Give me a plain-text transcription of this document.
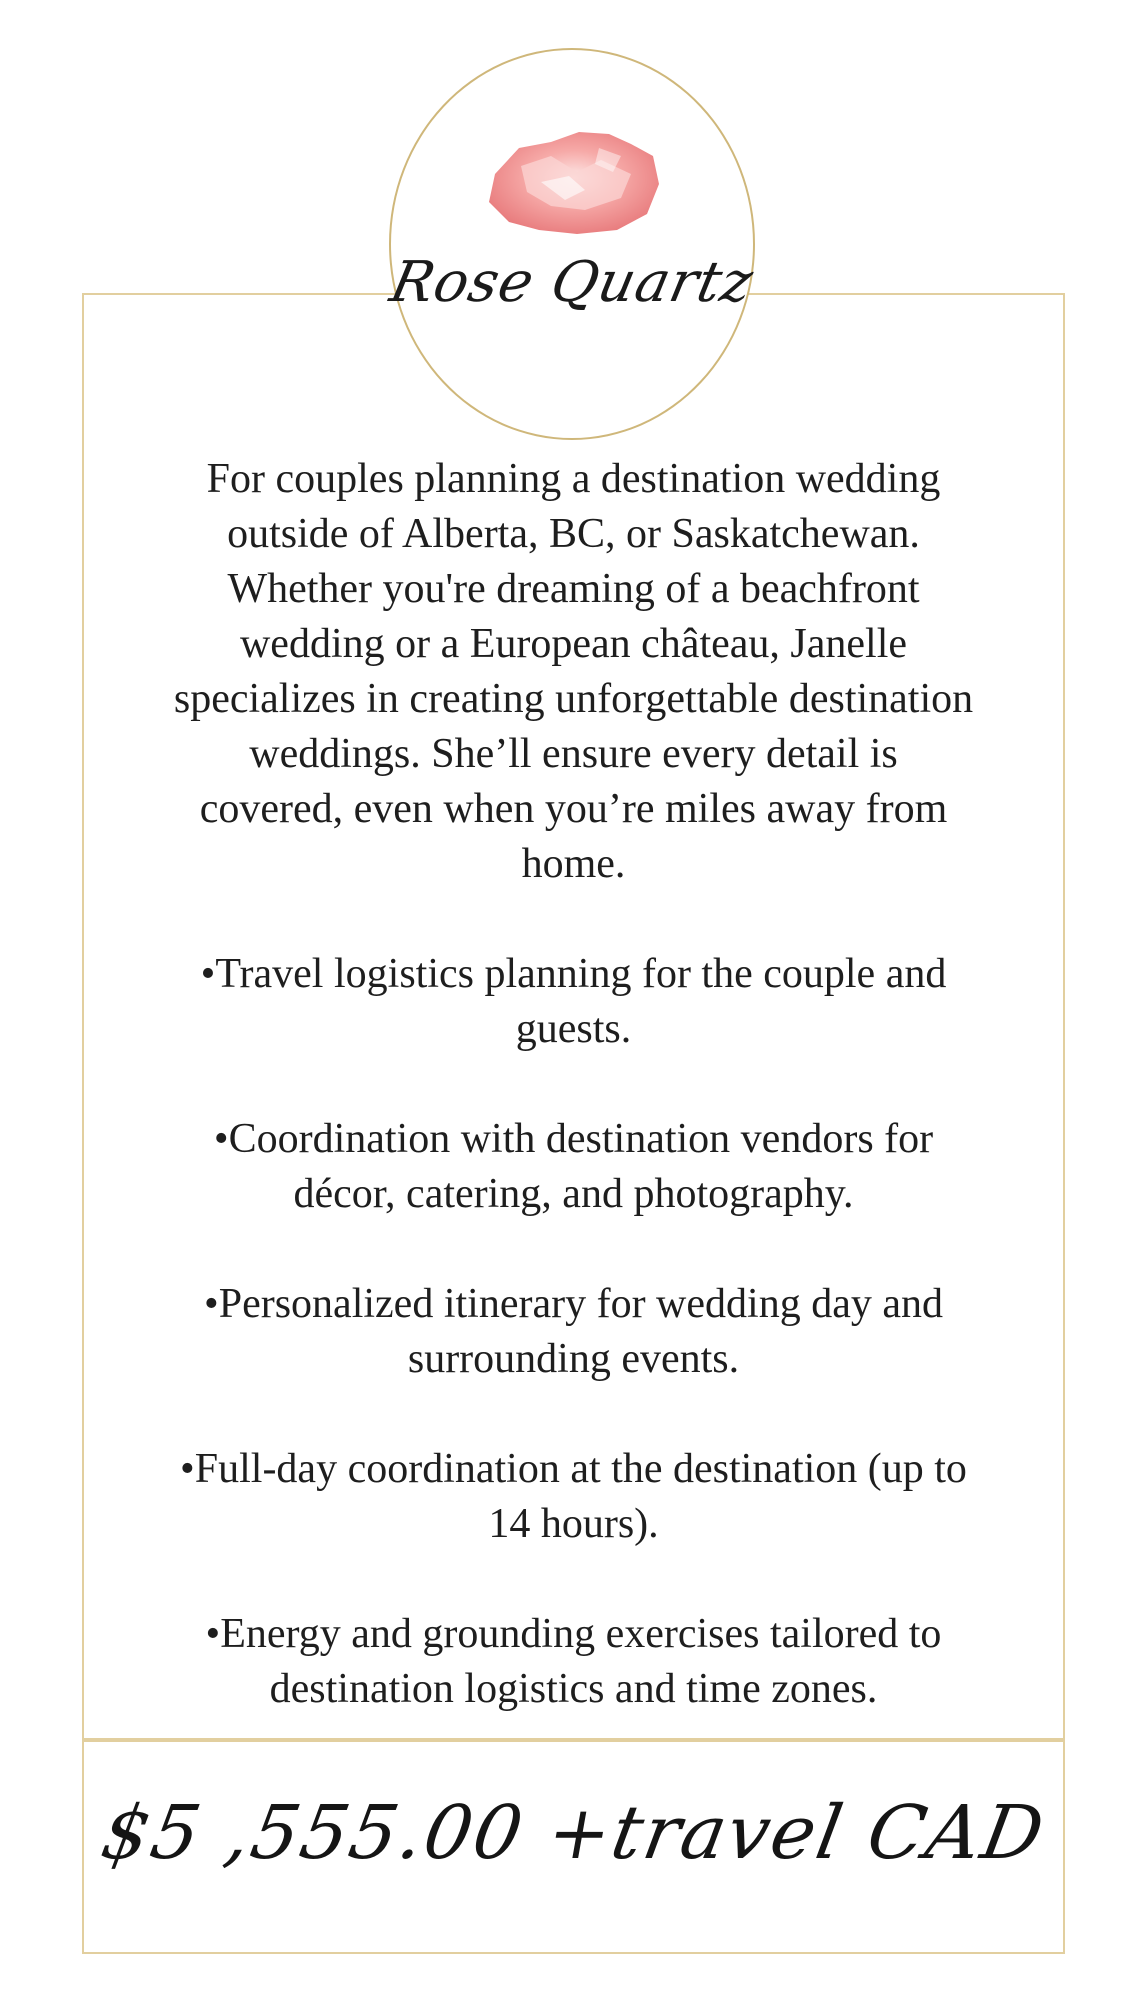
Rose Quartz
For couples planning a destination wedding outside of Alberta, BC, or Saskatchewan. Whether you're dreaming of a beachfront wedding or a European château, Janelle specializes in creating unforgettable destination weddings. She’ll ensure every detail is covered, even when you’re miles away from home.
•Travel logistics planning for the couple and guests.
•Coordination with destination vendors for décor, catering, and photography.
•Personalized itinerary for wedding day and surrounding events.
•Full-day coordination at the destination (up to 14 hours).
•Energy and grounding exercises tailored to destination logistics and time zones.
$5 ,555.00 +travel CAD
